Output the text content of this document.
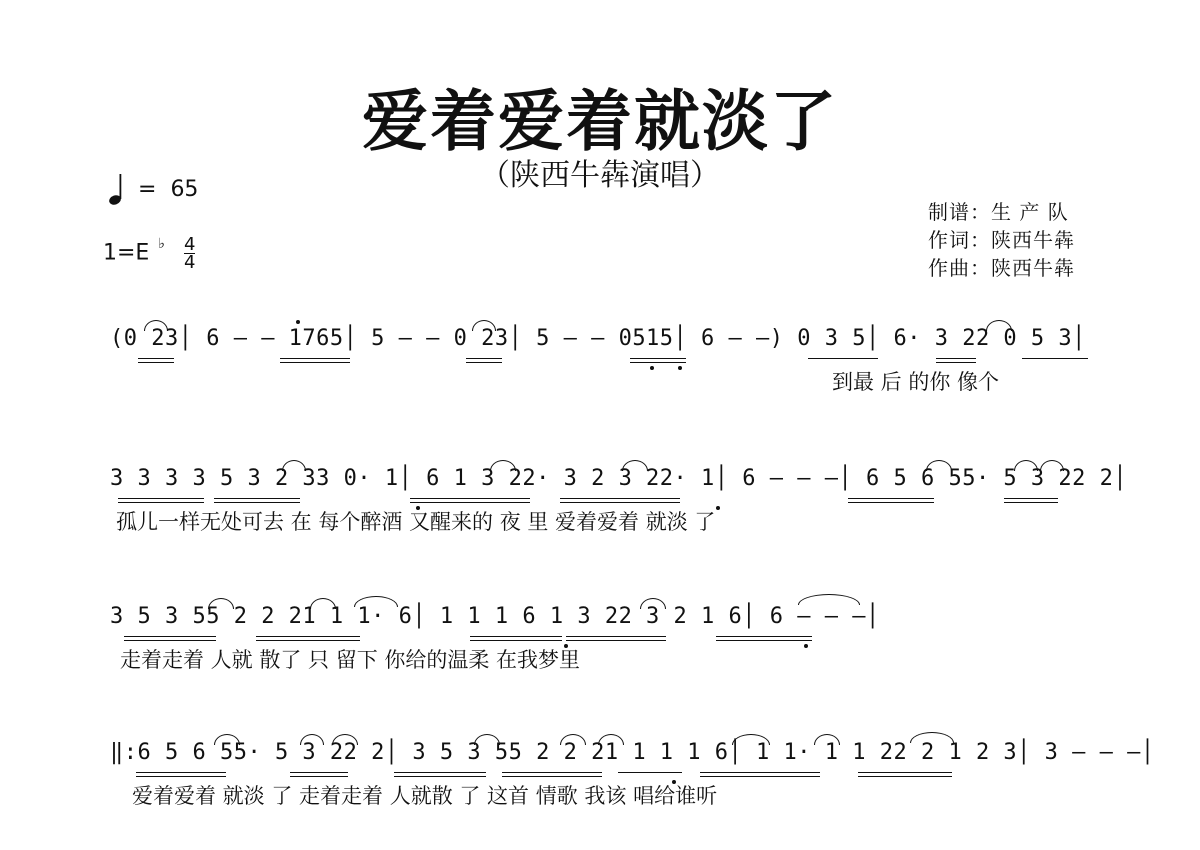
爱着爱着就淡了
（陕西牛犇演唱）
= 65
1=E $^♭ \frac{4}{4}$
制谱：生 产 队
作词：陕西牛犇
作曲：陕西牛犇
(0 23│ 6 — — 1765│ 5 — — 0 23│ 5 — — 0515│ 6 — —) 0 3 5│ 6· 3 22 0 5 3│
到最 后 的你 像个
3 3 3 3 5 3 2 33 0· 1│ 6 1 3 22· 3 2 3 22· 1│ 6 — — —│ 6 5 6 55· 5 3 22 2│
孤儿一样无处可去 在 每个醉酒 又醒来的 夜 里 爱着爱着 就淡 了
3 5 3 55 2 2 21 1 1· 6│ 1 1 1 6 1 3 22 3 2 1 6│ 6 — — —│
走着走着 人就 散了 只 留下 你给的温柔 在我梦里
‖:6 5 6 55· 5 3 22 2│ 3 5 3 55 2 2 21 1 1 1 6│ 1 1· 1 1 22 2 1 2 3│ 3 — — —│
爱着爱着 就淡 了 走着走着 人就散 了 这首 情歌 我该 唱给谁听
